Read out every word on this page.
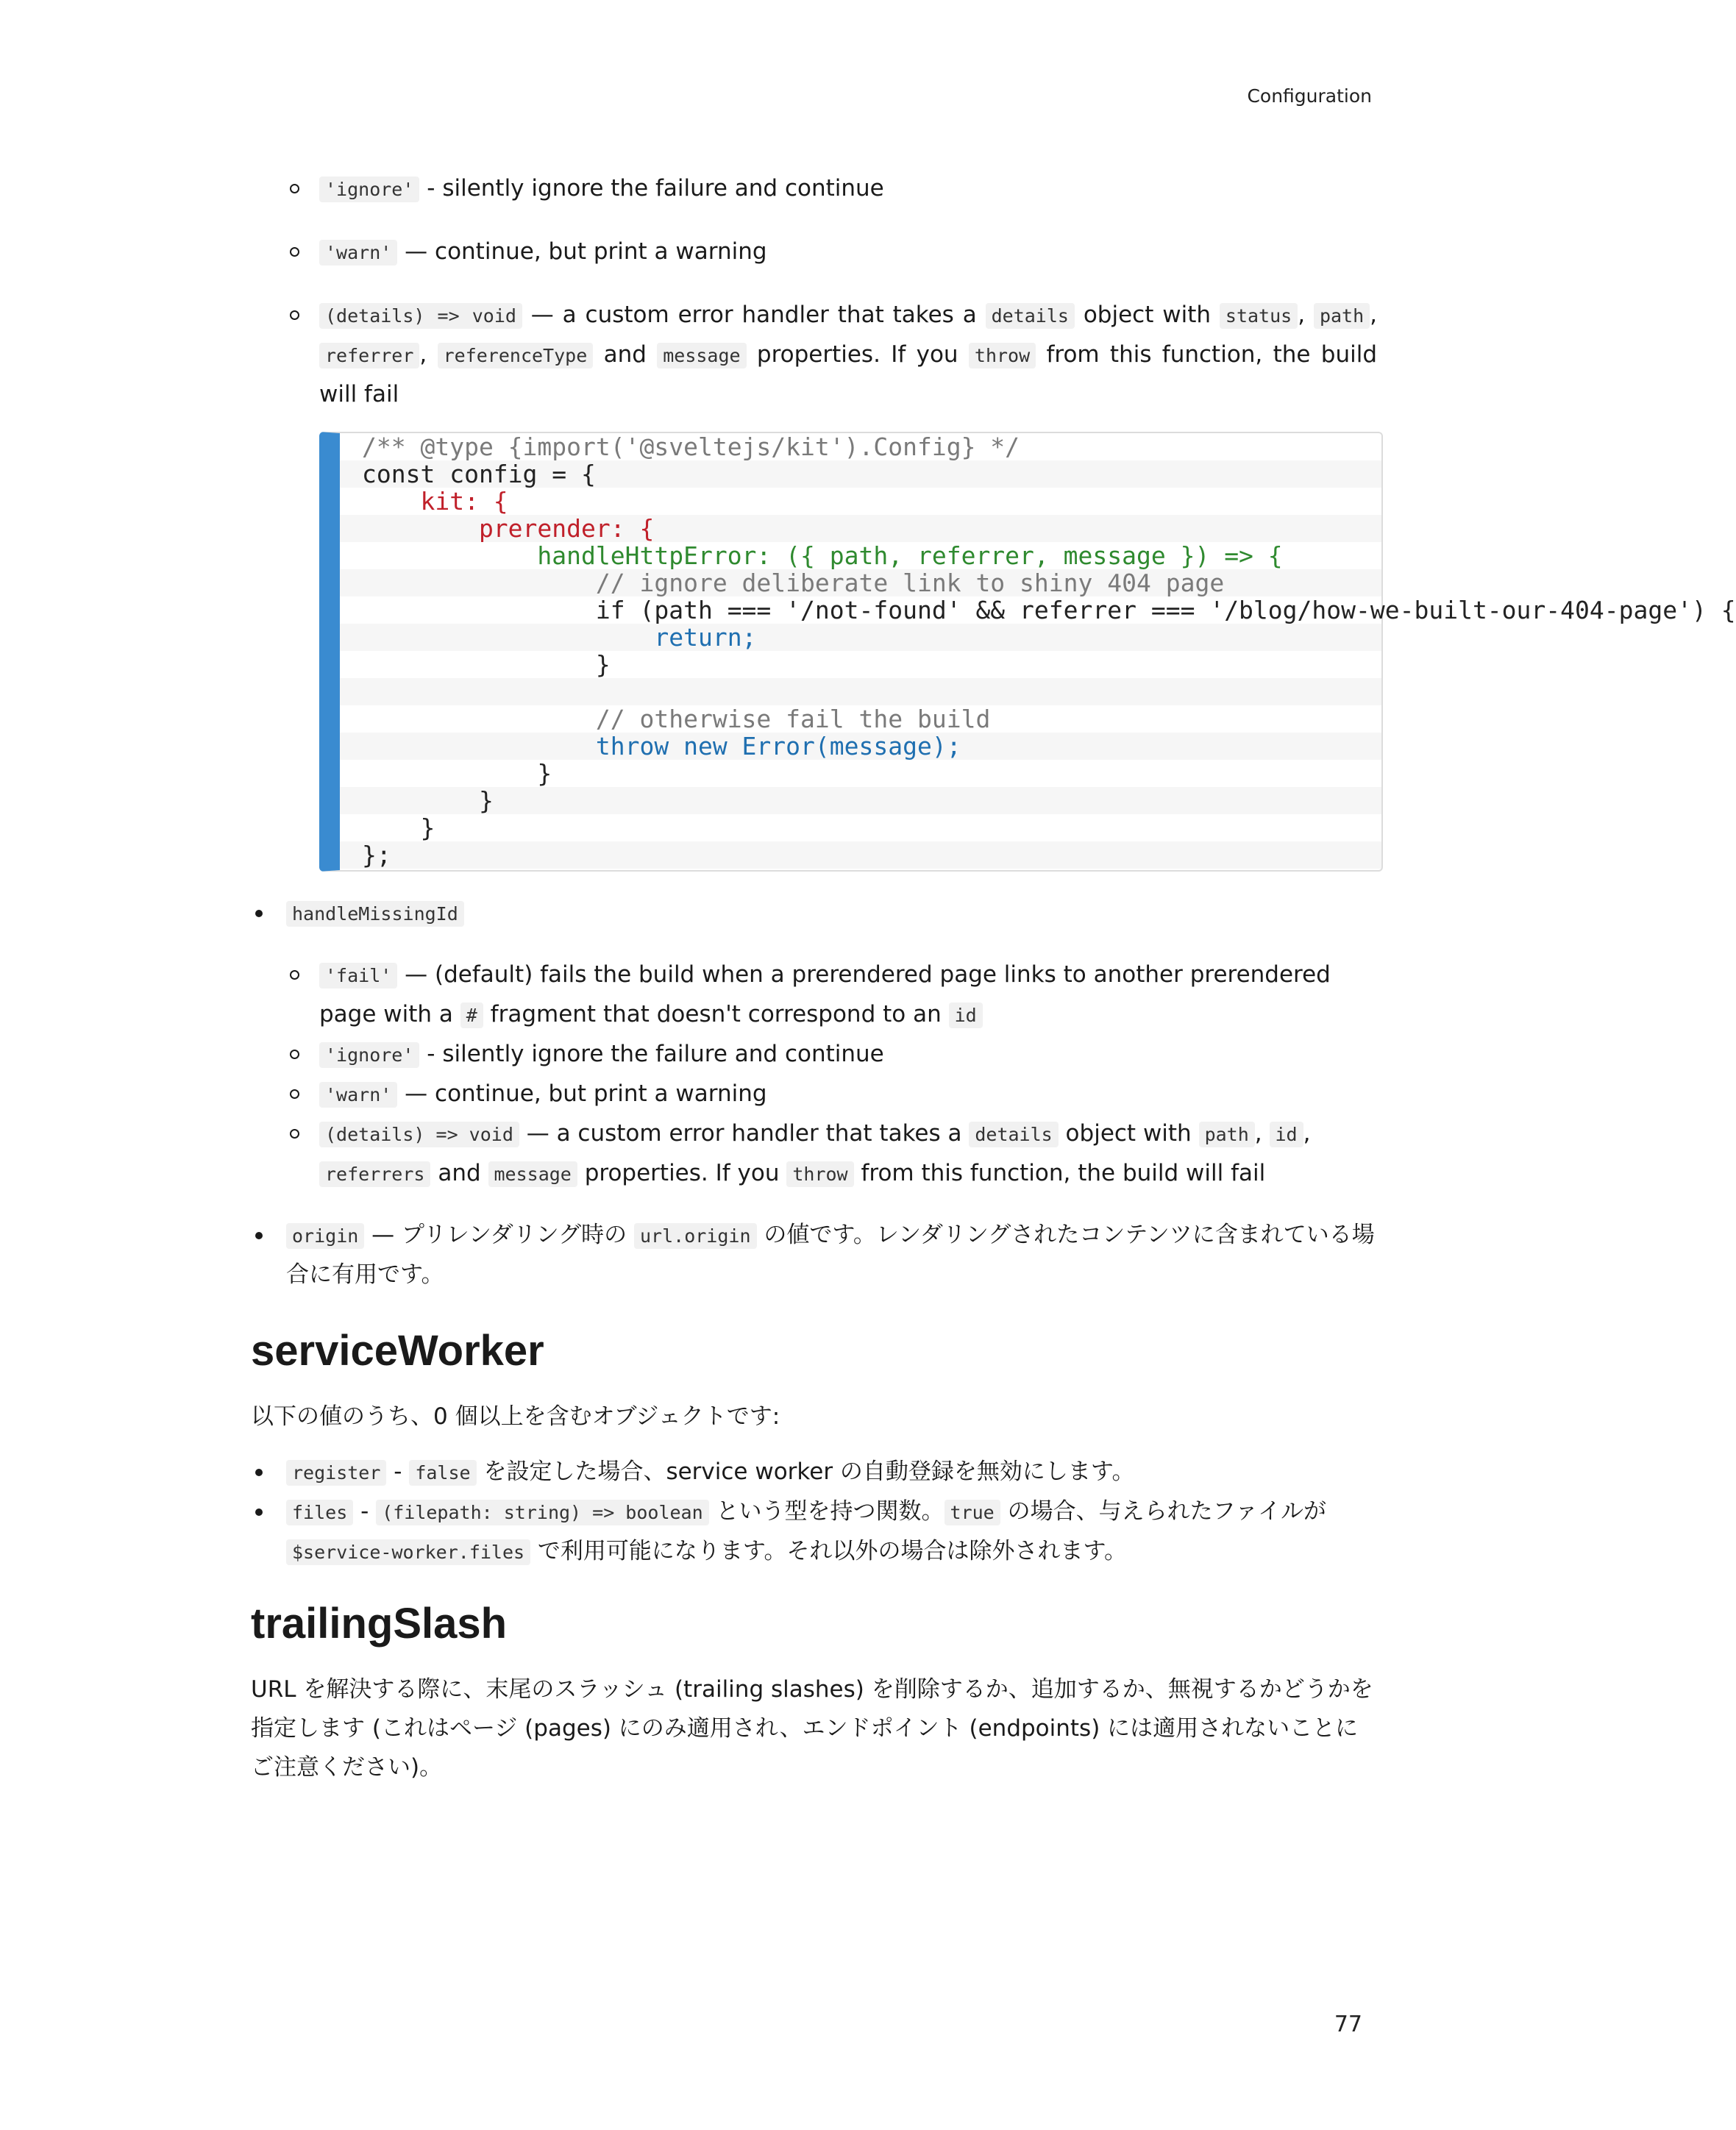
Configuration
'ignore' - silently ignore the failure and continue
'warn' — continue, but print a warning
(details) => void — a custom error handler that takes a details object with status , path , referrer , referenceType and message properties. If you throw from this function, the build will fail
/** @type {import('@sveltejs/kit').Config} */
const config = {
kit: {
prerender: {
handleHttpError: ({ path, referrer, message }) => {
// ignore deliberate link to shiny 404 page
if (path === '/not-found' && referrer === '/blog/how-we-built-our-404-page') {
return;
}

// otherwise fail the build
throw new Error(message);
}
}
}
};
handleMissingId
'fail' — (default) fails the build when a prerendered page links to another prerendered page with a # fragment that doesn't correspond to an id
'ignore' - silently ignore the failure and continue
'warn' — continue, but print a warning
(details) => void — a custom error handler that takes a details object with path , id , referrers and message properties. If you throw from this function, the build will fail
origin — プリレンダリング時の url.origin の値です。レンダリングされたコンテンツに含まれている場合に有用です。
serviceWorker
以下の値のうち、0 個以上を含むオブジェクトです:
register - false を設定した場合、service worker の自動登録を無効にします。
files - (filepath: string) => boolean という型を持つ関数。 true の場合、与えられたファイルが $service-worker.files で利用可能になります。それ以外の場合は除外されます。
trailingSlash
URL を解決する際に、末尾のスラッシュ (trailing slashes) を削除するか、追加するか、無視するかどうかを指定します (これはページ (pages) にのみ適用され、エンドポイント (endpoints) には適用されないことにご注意ください)。
77
